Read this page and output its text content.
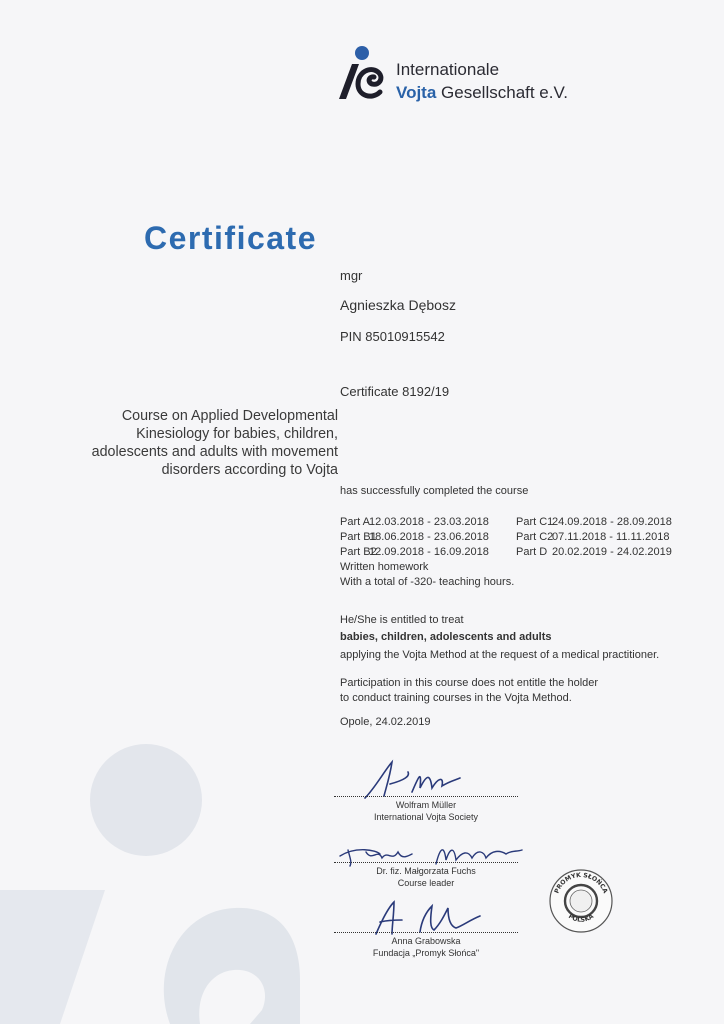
Internationale
Vojta Gesellschaft e.V.
Certificate
mgr
Agnieszka Dębosz
PIN 85010915542
Certificate 8192/19
Course on Applied Developmental
Kinesiology for babies, children,
adolescents and adults with movement
disorders according to Vojta
has successfully completed the course
Part A12.03.2018 - 23.03.2018 Part C124.09.2018 - 28.09.2018
Part B118.06.2018 - 23.06.2018 Part C207.11.2018 - 11.11.2018
Part B212.09.2018 - 16.09.2018 Part D 20.02.2019 - 24.02.2019
Written homework
With a total of -320- teaching hours.
He/She is entitled to treat
babies, children, adolescents and adults
applying the Vojta Method at the request of a medical practitioner.
Participation in this course does not entitle the holder
to conduct training courses in the Vojta Method.
Opole, 24.02.2019
Wolfram Müller
International Vojta Society
Dr. fiz. Małgorzata Fuchs
Course leader
Anna Grabowska
Fundacja „Promyk Słońca"
PROMYK SŁOŃCA
POLSKA
